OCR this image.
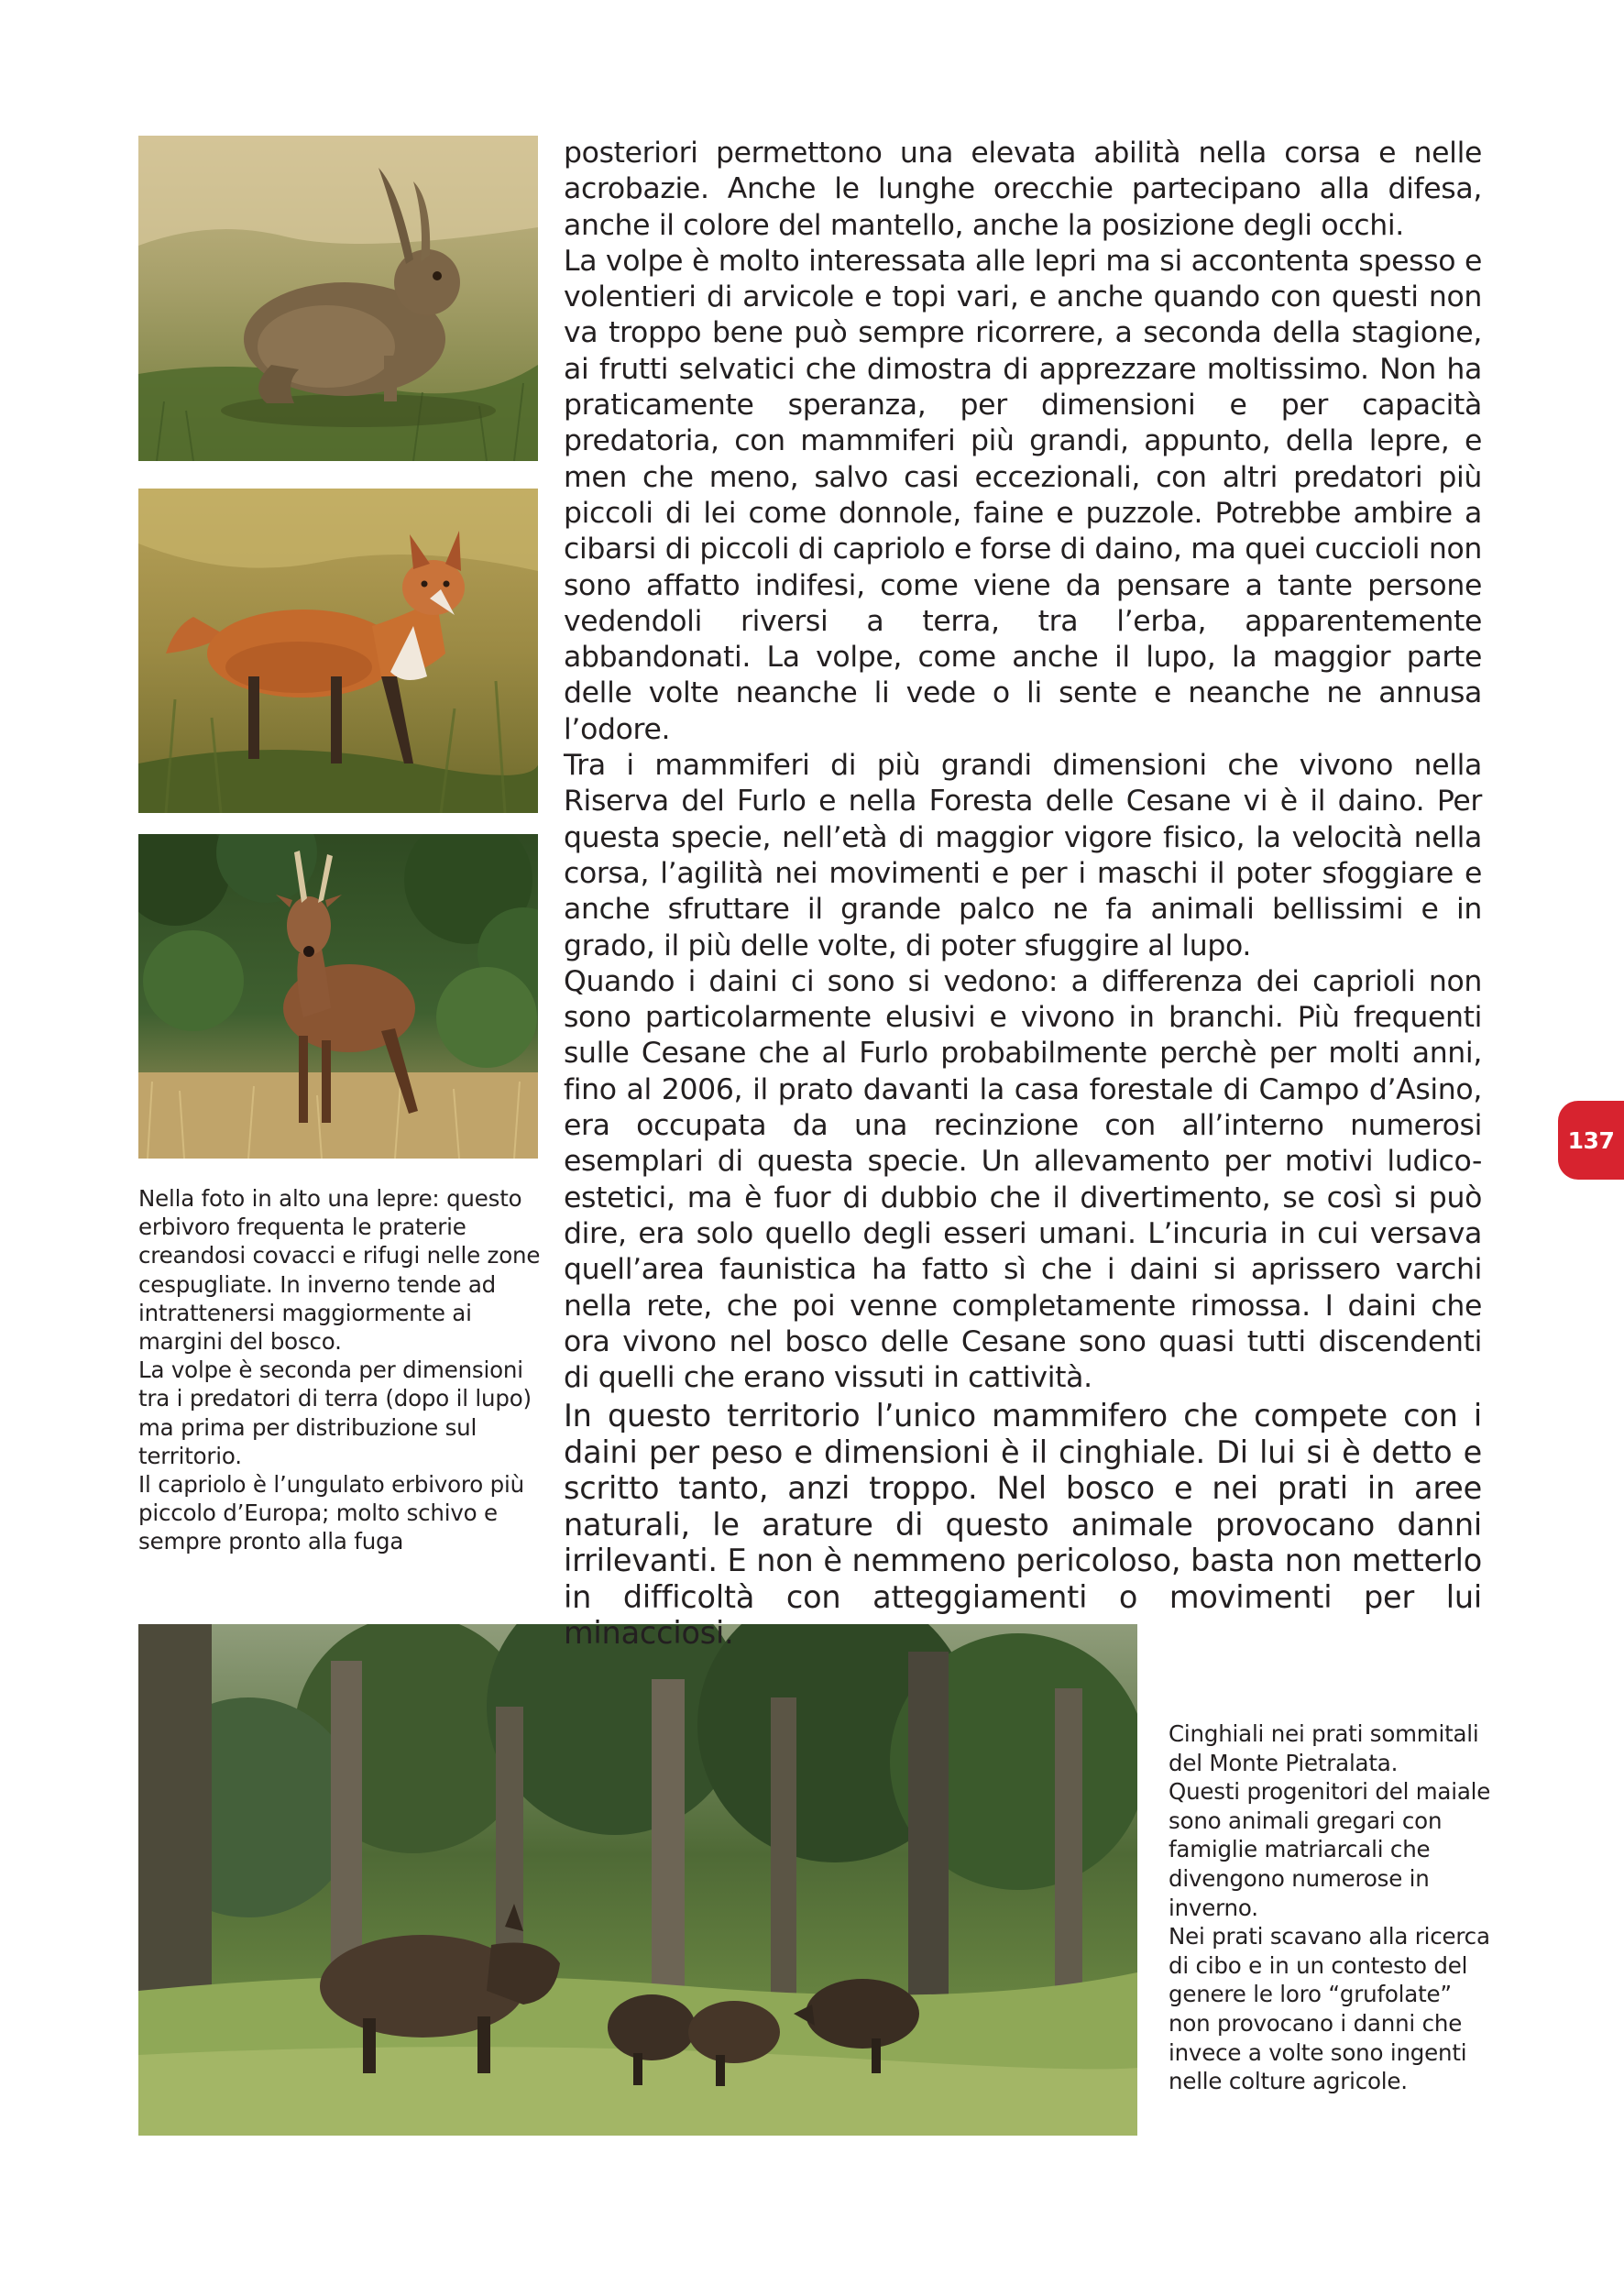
posteriori permettono una elevata abilità nella corsa e nelle acrobazie. Anche le lunghe orecchie partecipano alla difesa, anche il colore del mantello, anche la posizione degli occhi.

La volpe è molto interessata alle lepri ma si accontenta spesso e volentieri di arvicole e topi vari, e anche quando con questi non va troppo bene può sempre ricorrere, a seconda della stagione, ai frutti selvatici che dimostra di apprezzare moltissimo. Non ha praticamente speranza, per dimensioni e per capacità predatoria, con mammiferi più grandi, appunto, della lepre, e men che meno, salvo casi eccezionali, con altri predatori più piccoli di lei come donnole, faine e puzzole. Potrebbe ambire a cibarsi di piccoli di capriolo e forse di daino, ma quei cuccioli non sono affatto indifesi, come viene da pensare a tante persone vedendoli riversi a terra, tra l’erba, apparentemente abbandonati. La volpe, come anche il lupo, la maggior parte delle volte neanche li vede o li sente e neanche ne annusa l’odore.

Tra i mammiferi di più grandi dimensioni che vivono nella Riserva del Furlo e nella Foresta delle Cesane vi è il daino. Per questa specie, nell’età di maggior vigore fisico, la velocità nella corsa, l’agilità nei movimenti e per i maschi il poter sfoggiare e anche sfruttare il grande palco ne fa animali bellissimi e in grado, il più delle volte, di poter sfuggire al lupo.

Quando i daini ci sono si vedono: a differenza dei caprioli non sono particolarmente elusivi e vivono in branchi. Più frequenti sulle Cesane che al Furlo probabilmente perchè per molti anni, fino al 2006, il prato davanti la casa forestale di Campo d’Asino, era occupata da una recinzione con all’interno numerosi esemplari di questa specie. Un allevamento per motivi ludico-estetici, ma è fuor di dubbio che il divertimento, se così si può dire, era solo quello degli esseri umani. L’incuria in cui versava quell’area faunistica ha fatto sì che i daini si aprissero varchi nella rete, che poi venne completamente rimossa. I daini che ora vivono nel bosco delle Cesane sono quasi tutti discendenti di quelli che erano vissuti in cattività.

In questo territorio l’unico mammifero che compete con i daini per peso e dimensioni è il cinghiale. Di lui si è detto e scritto tanto, anzi troppo. Nel bosco e nei prati in aree naturali, le arature di questo animale provocano danni irrilevanti. E non è nemmeno pericoloso, basta non metterlo in difficoltà con atteggiamenti o movimenti per lui minacciosi.

Nella foto in alto una lepre: questo erbivoro frequenta le praterie creandosi covacci e rifugi nelle zone cespugliate. In inverno tende ad intrattenersi maggiormente ai margini del bosco.

La volpe è seconda per dimensioni tra i predatori di terra (dopo il lupo) ma prima per distribuzione sul territorio.

Il capriolo è l’ungulato erbivoro più piccolo d’Europa; molto schivo e sempre pronto alla fuga

Cinghiali nei prati sommitali del Monte Pietralata.

Questi progenitori del maiale sono animali gregari con famiglie matriarcali che divengono numerose in inverno.

Nei prati scavano alla ricerca di cibo e in un contesto del genere le loro “grufolate” non provocano i danni che invece a volte sono ingenti nelle colture agricole.

137
